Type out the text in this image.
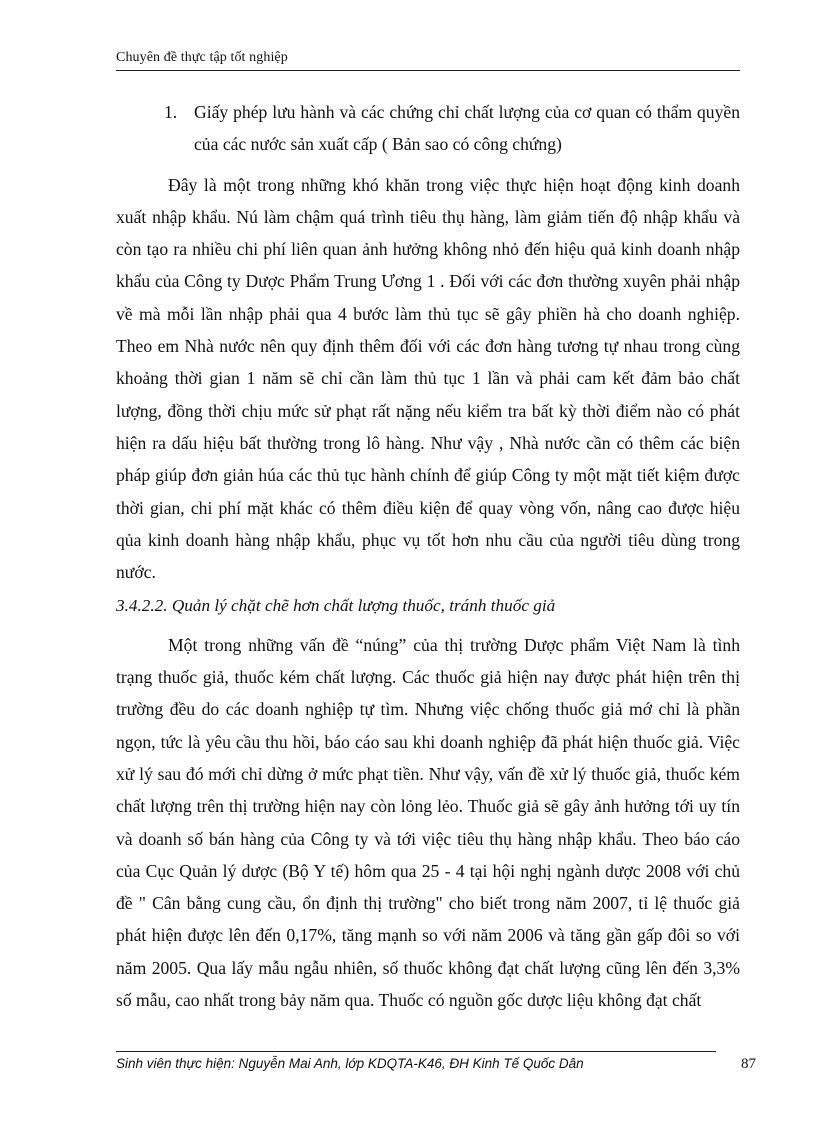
Chuyên đề thực tập tốt nghiệp
1. Giấy phép lưu hành và các chứng chỉ chất lượng của cơ quan có thẩm quyền của các nước sản xuất cấp ( Bản sao có công chứng)

Đây là một trong những khó khăn trong việc thực hiện hoạt động kinh doanh xuất nhập khẩu. Nú làm chậm quá trình tiêu thụ hàng, làm giảm tiến độ nhập khẩu và còn tạo ra nhiều chi phí liên quan ảnh hưởng không nhỏ đến hiệu quả kinh doanh nhập khẩu của Công ty Dược Phẩm Trung Ương 1 . Đối với các đơn thường xuyên phải nhập về mà mỗi lần nhập phải qua 4 bước làm thủ tục sẽ gây phiền hà cho doanh nghiệp. Theo em Nhà nước nên quy định thêm đối với các đơn hàng tương tự nhau trong cùng khoảng thời gian 1 năm sẽ chỉ cần làm thủ tục 1 lần và phải cam kết đảm bảo chất lượng, đồng thời chịu mức sử phạt rất nặng nếu kiểm tra bất kỳ thời điểm nào có phát hiện ra dấu hiệu bất thường trong lô hàng. Như vậy , Nhà nước cần có thêm các biện pháp giúp đơn giản húa các thủ tục hành chính để giúp Công ty một mặt tiết kiệm được thời gian, chi phí mặt khác có thêm điều kiện để quay vòng vốn, nâng cao được hiệu qủa kinh doanh hàng nhập khẩu, phục vụ tốt hơn nhu cầu của người tiêu dùng trong nước.

3.4.2.2. Quản lý chặt chẽ hơn chất lượng thuốc, tránh thuốc giả

Một trong những vấn đề “núng” của thị trường Dược phẩm Việt Nam là tình trạng thuốc giả, thuốc kém chất lượng. Các thuốc giả hiện nay được phát hiện trên thị trường đều do các doanh nghiệp tự tìm. Nhưng việc chống thuốc giả mớ chỉ là phần ngọn, tức là yêu cầu thu hồi, báo cáo sau khi doanh nghiệp đã phát hiện thuốc giả. Việc xử lý sau đó mới chỉ dừng ở mức phạt tiền. Như vậy, vấn đề xử lý thuốc giả, thuốc kém chất lượng trên thị trường hiện nay còn lỏng lẻo. Thuốc giả sẽ gây ảnh hưởng tới uy tín và doanh số bán hàng của Công ty và tới việc tiêu thụ hàng nhập khẩu. Theo báo cáo của Cục Quản lý dược (Bộ Y tế) hôm qua 25 - 4 tại hội nghị ngành dược 2008 với chủ đề " Cân bằng cung cầu, ổn định thị trường" cho biết trong năm 2007, tỉ lệ thuốc giả phát hiện được lên đến 0,17%, tăng mạnh so với năm 2006 và tăng gần gấp đôi so với năm 2005. Qua lấy mẫu ngẫu nhiên, số thuốc không đạt chất lượng cũng lên đến 3,3% số mẫu, cao nhất trong bảy năm qua. Thuốc có nguồn gốc dược liệu không đạt chất

Sinh viên thực hiện: Nguyễn Mai Anh, lớp KDQTA-K46, ĐH Kinh Tế Quốc Dân	87
